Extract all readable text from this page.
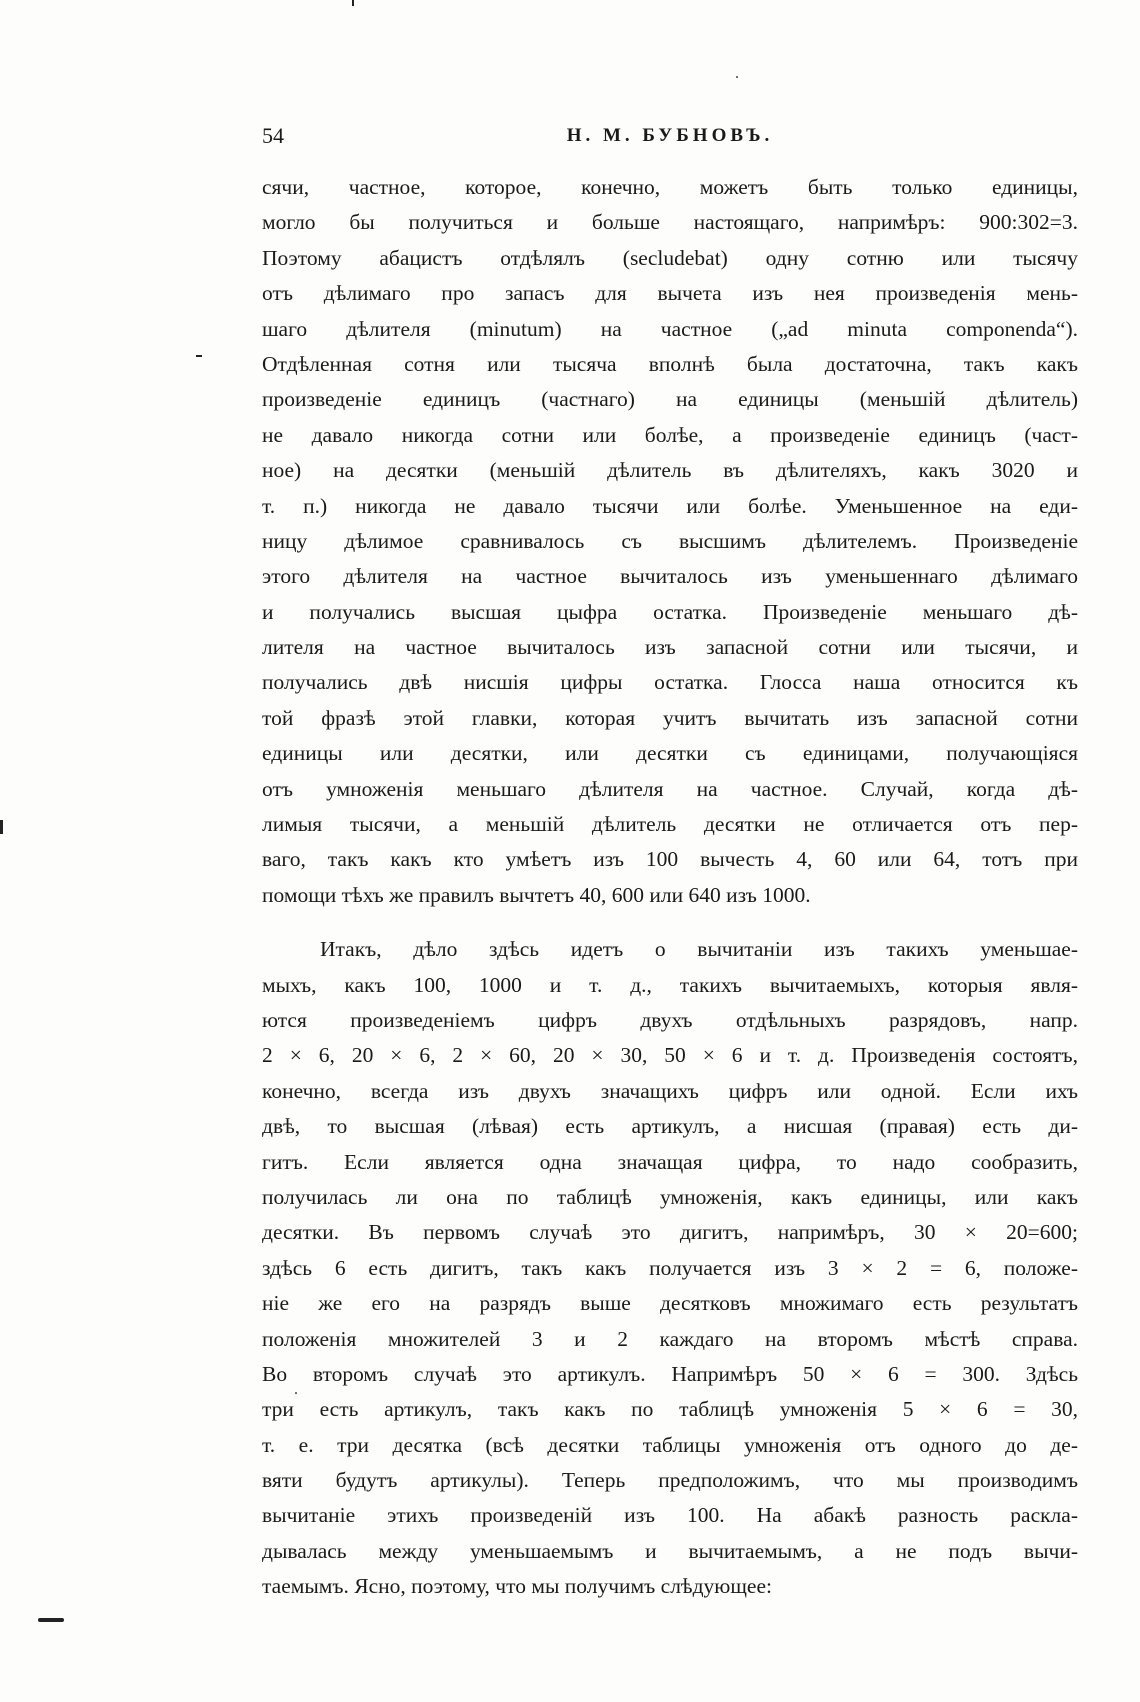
54	Н. М. БУБНОВЪ.
сячи, частное, которое, конечно, можетъ быть только единицы,
могло бы получиться и больше настоящаго, напримѣръ: 900:302=3.
Поэтому абацистъ отдѣлялъ (secludebat) одну сотню или тысячу
отъ дѣлимаго про запасъ для вычета изъ нея произведенія мень-
шаго дѣлителя (minutum) на частное („ad minuta componenda“).
Отдѣленная сотня или тысяча вполнѣ была достаточна, такъ какъ
произведеніе единицъ (частнаго) на единицы (меньшій дѣлитель)
не давало никогда сотни или болѣе, а произведеніе единицъ (част-
ное) на десятки (меньшій дѣлитель въ дѣлителяхъ, какъ 3020 и
т. п.) никогда не давало тысячи или болѣе. Уменьшенное на еди-
ницу дѣлимое сравнивалось съ высшимъ дѣлителемъ. Произведеніе
этого дѣлителя на частное вычиталось изъ уменьшеннаго дѣлимаго
и получались высшая цыфра остатка. Произведеніе меньшаго дѣ-
лителя на частное вычиталось изъ запасной сотни или тысячи, и
получались двѣ нисшія цифры остатка. Глосса наша относится къ
той фразѣ этой главки, которая учитъ вычитать изъ запасной сотни
единицы или десятки, или десятки съ единицами, получающіяся
отъ умноженія меньшаго дѣлителя на частное. Случай, когда дѣ-
лимыя тысячи, а меньшій дѣлитель десятки не отличается отъ пер-
ваго, такъ какъ кто умѣетъ изъ 100 вычесть 4, 60 или 64, тотъ при
помощи тѣхъ же правилъ вычтетъ 40, 600 или 640 изъ 1000.
Итакъ, дѣло здѣсь идетъ о вычитаніи изъ такихъ уменьшае-
мыхъ, какъ 100, 1000 и т. д., такихъ вычитаемыхъ, которыя явля-
ются произведеніемъ цифръ двухъ отдѣльныхъ разрядовъ, напр.
2 × 6, 20 × 6, 2 × 60, 20 × 30, 50 × 6 и т. д. Произведенія состоятъ,
конечно, всегда изъ двухъ значащихъ цифръ или одной. Если ихъ
двѣ, то высшая (лѣвая) есть артикулъ, а нисшая (правая) есть ди-
гитъ. Если является одна значащая цифра, то надо сообразить,
получилась ли она по таблицѣ умноженія, какъ единицы, или какъ
десятки. Въ первомъ случаѣ это дигитъ, напримѣръ, 30 × 20=600;
здѣсь 6 есть дигитъ, такъ какъ получается изъ 3 × 2 = 6, положе-
ніе же его на разрядъ выше десятковъ множимаго есть результатъ
положенія множителей 3 и 2 каждаго на второмъ мѣстѣ справа.
Во второмъ случаѣ это артикулъ. Напримѣръ 50 × 6 = 300. Здѣсь
три есть артикулъ, такъ какъ по таблицѣ умноженія 5 × 6 = 30,
т. е. три десятка (всѣ десятки таблицы умноженія отъ одного до де-
вяти будутъ артикулы). Теперь предположимъ, что мы производимъ
вычитаніе этихъ произведеній изъ 100. На абакѣ разность раскла-
дывалась между уменьшаемымъ и вычитаемымъ, а не подъ вычи-
таемымъ. Ясно, поэтому, что мы получимъ слѣдующее:
